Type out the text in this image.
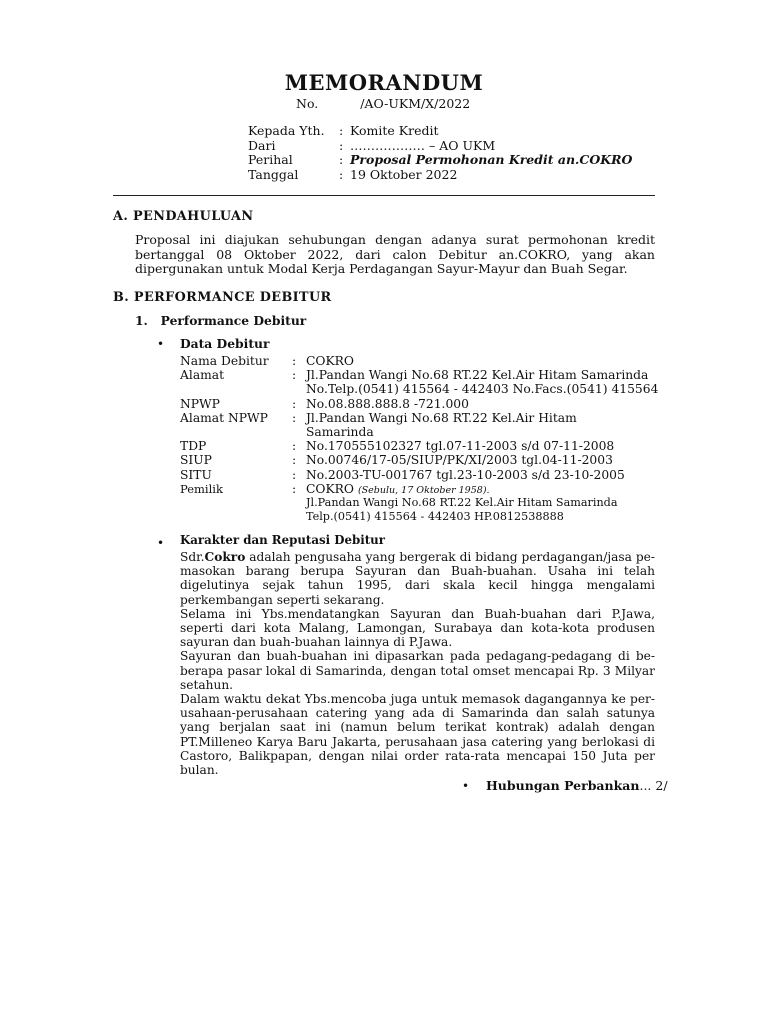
MEMORANDUM
No.	/AO-UKM/X/2022
Kepada Yth. : Komite Kredit
Dari	: ……………… – AO UKM
Perihal	: Proposal Permohonan Kredit an.COKRO
Tanggal	: 19 Oktober 2022
A. PENDAHULUAN
Proposal ini diajukan sehubungan dengan adanya surat permohonan kredit bertanggal 08 Oktober 2022, dari calon Debitur an.COKRO, yang akan dipergunakan untuk Modal Kerja Perdagangan Sayur-Mayur dan Buah Segar.
B. PERFORMANCE DEBITUR
1.   Performance Debitur
• Data Debitur
Nama Debitur : COKRO
Alamat	: Jl.Pandan Wangi No.68 RT.22 Kel.Air Hitam Samarinda
No.Telp.(0541) 415564 - 442403 No.Facs.(0541) 415564
NPWP	: No.08.888.888.8 -721.000
Alamat NPWP : Jl.Pandan Wangi No.68 RT.22 Kel.Air Hitam
Samarinda
TDP	: No.170555102327 tgl.07-11-2003 s/d 07-11-2008
SIUP	: No.00746/17-05/SIUP/PK/XI/2003 tgl.04-11-2003
SITU	: No.2003-TU-001767 tgl.23-10-2003 s/d 23-10-2005
Pemilik	: COKRO (Sebulu, 17 Oktober 1958).
Jl.Pandan Wangi No.68 RT.22 Kel.Air Hitam Samarinda
Telp.(0541) 415564 - 442403 HP.0812538888
• Karakter dan Reputasi Debitur
Sdr.Cokro adalah pengusaha yang bergerak di bidang perdagangan/jasa pe-masokan barang berupa Sayuran dan Buah-buahan. Usaha ini telah digelutinya sejak tahun 1995, dari skala kecil hingga mengalami perkembangan seperti sekarang.
Selama ini Ybs.mendatangkan Sayuran dan Buah-buahan dari P.Jawa, seperti dari kota Malang, Lamongan, Surabaya dan kota-kota produsen sayuran dan buah-buahan lainnya di P.Jawa.
Sayuran dan buah-buahan ini dipasarkan pada pedagang-pedagang di be-berapa pasar lokal di Samarinda, dengan total omset mencapai Rp. 3 Milyar setahun.
Dalam waktu dekat Ybs.mencoba juga untuk memasok dagangannya ke per-usahaan-perusahaan catering yang ada di Samarinda dan salah satunya yang berjalan saat ini (namun belum terikat kontrak) adalah dengan PT.Milleneo Karya Baru Jakarta, perusahaan jasa catering yang berlokasi di Castoro, Balikpapan, dengan nilai order rata-rata mencapai 150 Juta per bulan.
• Hubungan Perbankan... 2/
